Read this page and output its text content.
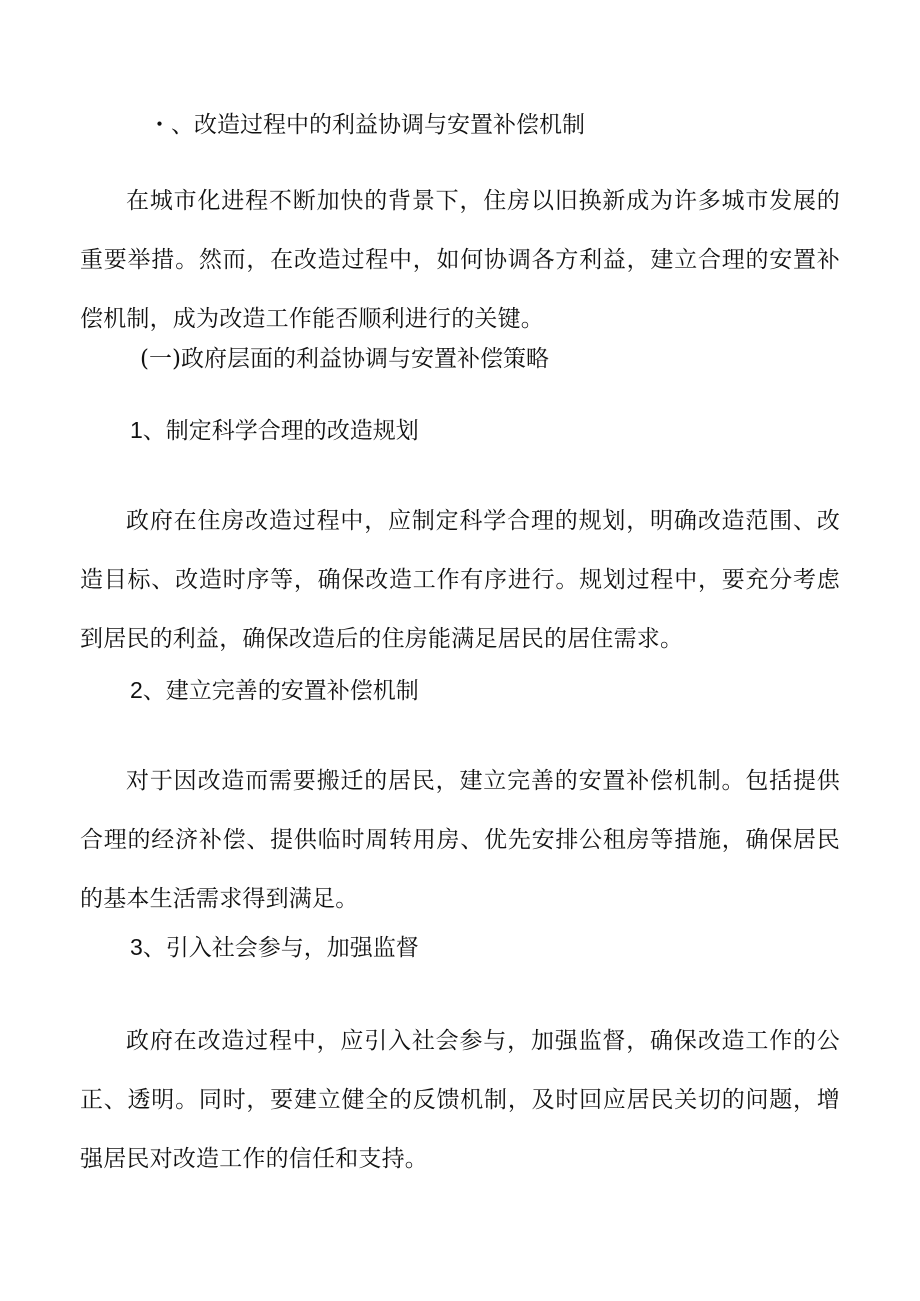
・、改造过程中的利益协调与安置补偿机制
在城市化进程不断加快的背景下，住房以旧换新成为许多城市发展的重要举措。然而，在改造过程中，如何协调各方利益，建立合理的安置补偿机制，成为改造工作能否顺利进行的关键。
(一)政府层面的利益协调与安置补偿策略
1、制定科学合理的改造规划
政府在住房改造过程中，应制定科学合理的规划，明确改造范围、改造目标、改造时序等，确保改造工作有序进行。规划过程中，要充分考虑到居民的利益，确保改造后的住房能满足居民的居住需求。
2、建立完善的安置补偿机制
对于因改造而需要搬迁的居民，建立完善的安置补偿机制。包括提供合理的经济补偿、提供临时周转用房、优先安排公租房等措施，确保居民的基本生活需求得到满足。
3、引入社会参与，加强监督
政府在改造过程中，应引入社会参与，加强监督，确保改造工作的公正、透明。同时，要建立健全的反馈机制，及时回应居民关切的问题，增强居民对改造工作的信任和支持。
